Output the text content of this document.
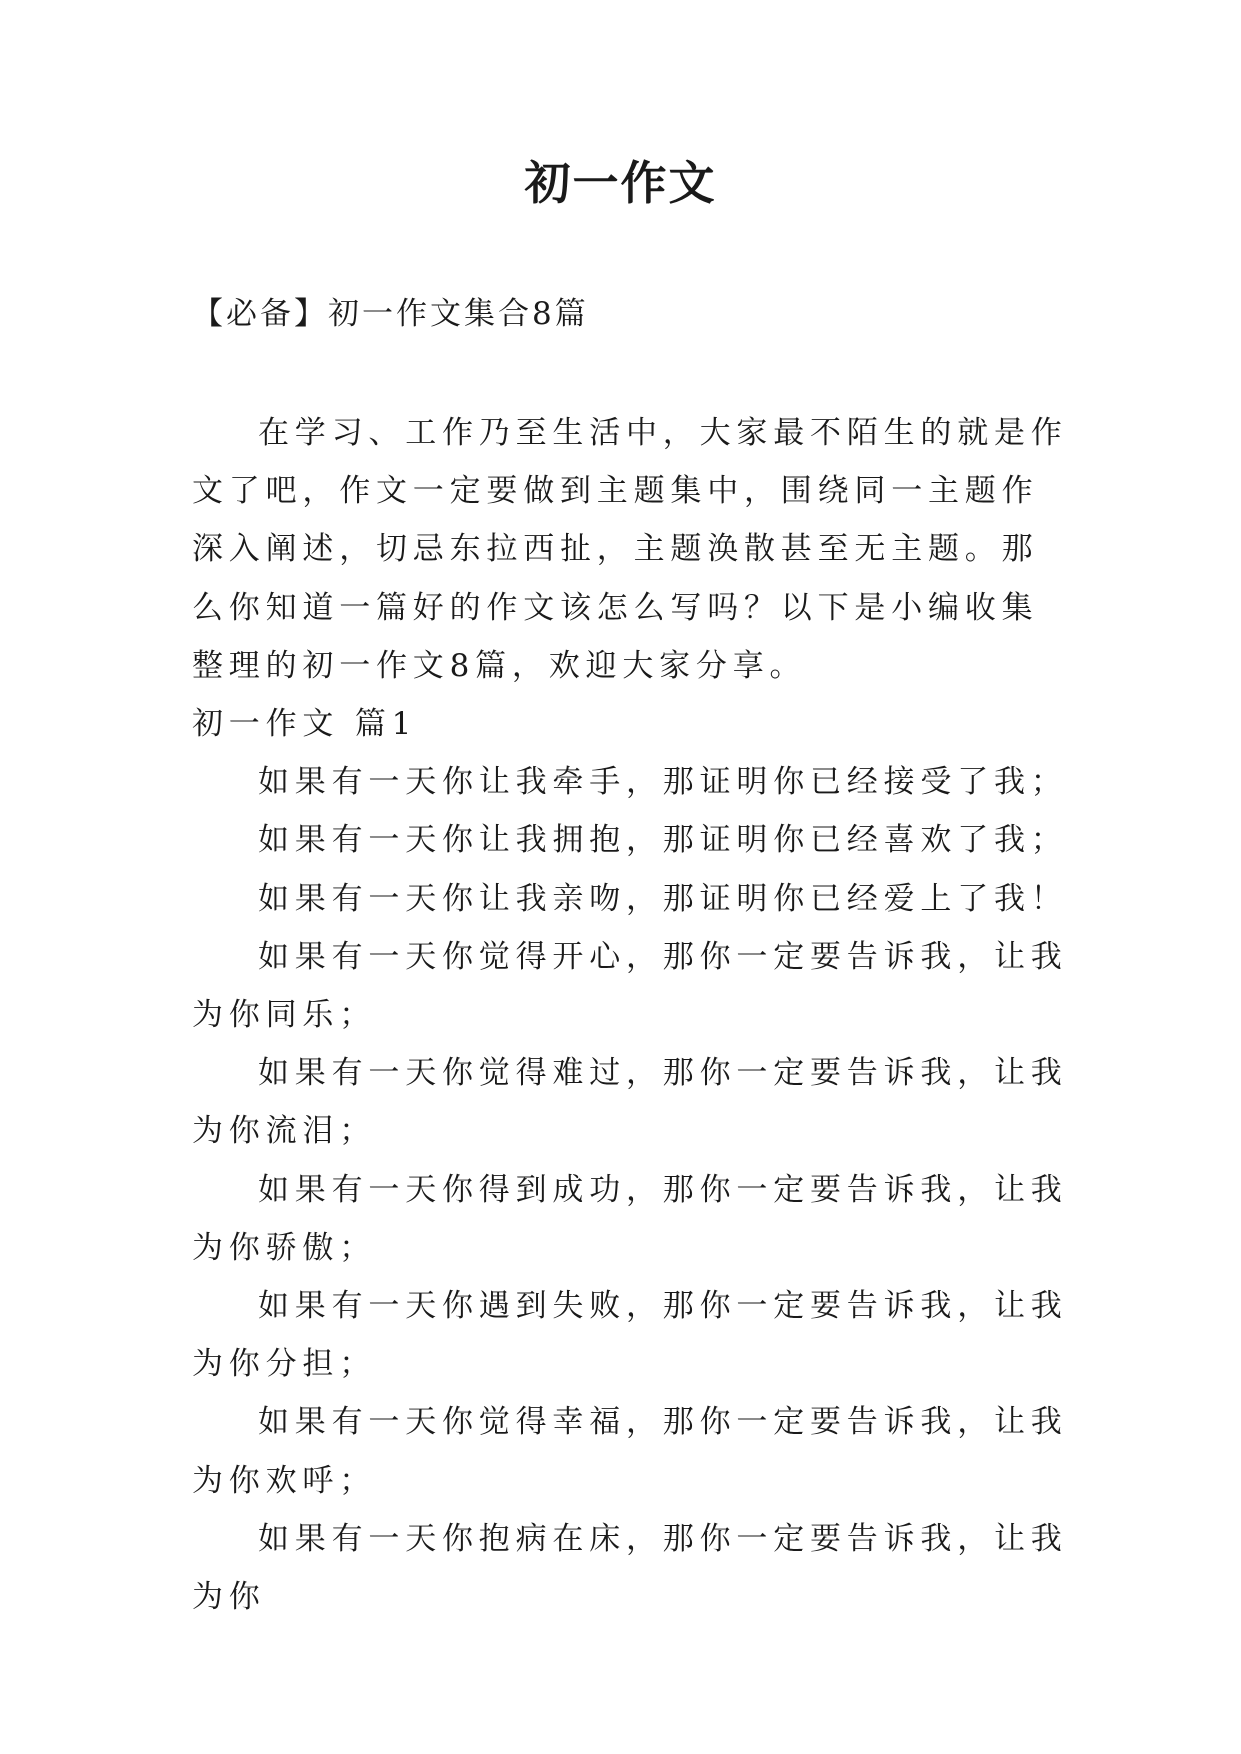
初一作文
【必备】初一作文集合8篇

在学习、工作乃至生活中，大家最不陌生的就是作文了吧，作文一定要做到主题集中，围绕同一主题作深入阐述，切忌东拉西扯，主题涣散甚至无主题。那么你知道一篇好的作文该怎么写吗？以下是小编收集整理的初一作文8篇，欢迎大家分享。

初一作文 篇1

如果有一天你让我牵手，那证明你已经接受了我；

如果有一天你让我拥抱，那证明你已经喜欢了我；

如果有一天你让我亲吻，那证明你已经爱上了我！

如果有一天你觉得开心，那你一定要告诉我，让我为你同乐；

如果有一天你觉得难过，那你一定要告诉我，让我为你流泪；

如果有一天你得到成功，那你一定要告诉我，让我为你骄傲；

如果有一天你遇到失败，那你一定要告诉我，让我为你分担；

如果有一天你觉得幸福，那你一定要告诉我，让我为你欢呼；

如果有一天你抱病在床，那你一定要告诉我，让我为你
